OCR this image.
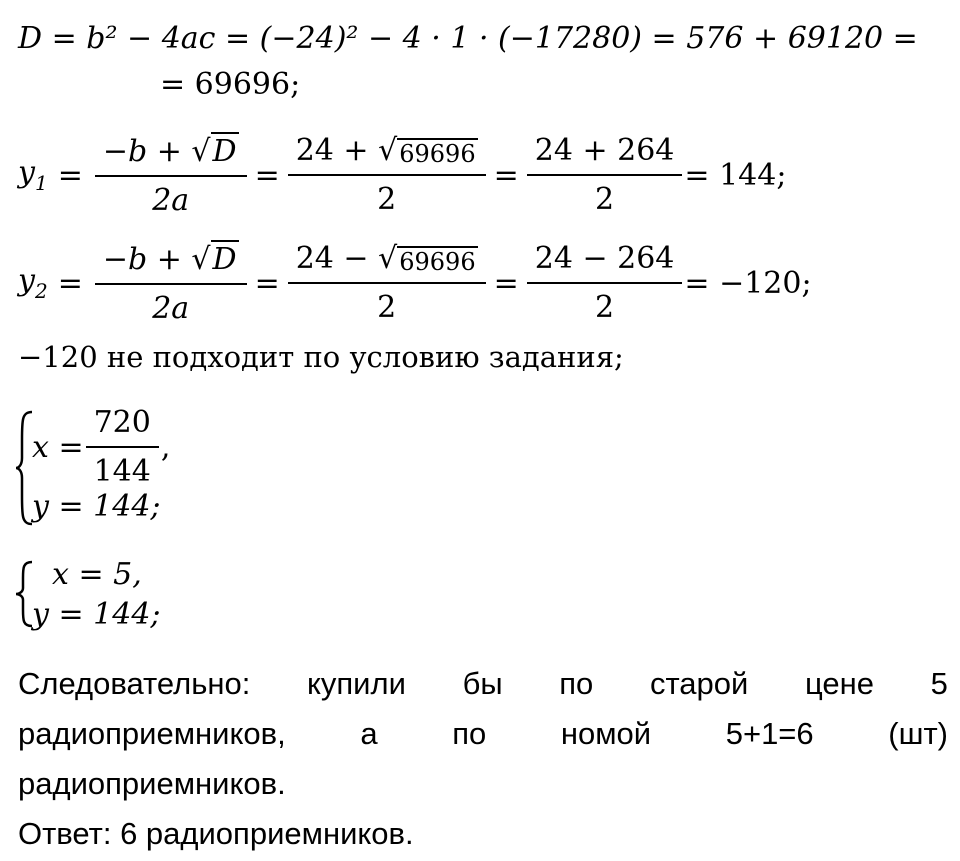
D = b² − 4ac = (−24)² − 4 · 1 · (−17280) = 576 + 69120 =
= 69696;
$y_1 = \frac{-b + √ D}{2a} = \frac{24 + √ 69696}{2} = \frac{24 + 264}{2} = 144$;
$y_2 = \frac{-b + √ D}{2a} = \frac{24 - √ 69696}{2} = \frac{24 - 264}{2} = -120$;
−120 не подходит по условию задания;
$x = \frac{720}{144}$ ,
y = 144;
x = 5,
y = 144;
Следовательно: купили бы по старой цене 5
радиоприемников, а по номой 5+1=6 (шт)
радиоприемников.
Ответ: 6 радиоприемников.
